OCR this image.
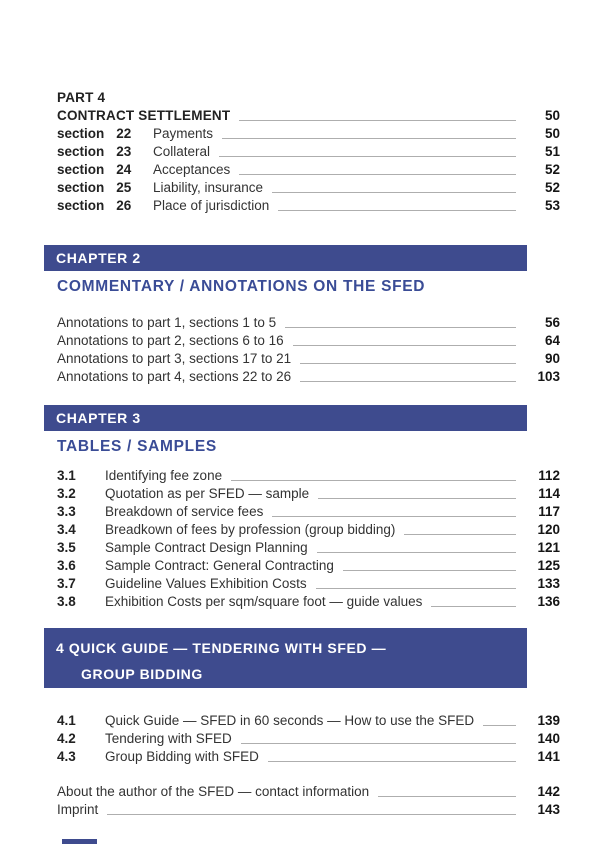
PART 4
CONTRACT SETTLEMENT	50
section 22	Payments	50
section 23	Collateral	51
section 24	Acceptances	52
section 25	Liability, insurance	52
section 26	Place of jurisdiction	53
CHAPTER 2
COMMENTARY / ANNOTATIONS ON THE SFED
Annotations to part 1, sections 1 to 5	56
Annotations to part 2, sections 6 to 16	64
Annotations to part 3, sections 17 to 21	90
Annotations to part 4, sections 22 to 26	103
CHAPTER 3
TABLES / SAMPLES
3.1	Identifying fee zone	112
3.2	Quotation as per SFED — sample	114
3.3	Breakdown of service fees	117
3.4	Breadkown of fees by profession (group bidding)	120
3.5	Sample Contract Design Planning	121
3.6	Sample Contract: General Contracting	125
3.7	Guideline Values Exhibition Costs	133
3.8	Exhibition Costs per sqm/square foot — guide values	136
4 QUICK GUIDE — TENDERING WITH SFED —
GROUP BIDDING
4.1	Quick Guide — SFED in 60 seconds — How to use the SFED	139
4.2	Tendering with SFED	140
4.3	Group Bidding with SFED	141
About the author of the SFED — contact information	142
Imprint	143
